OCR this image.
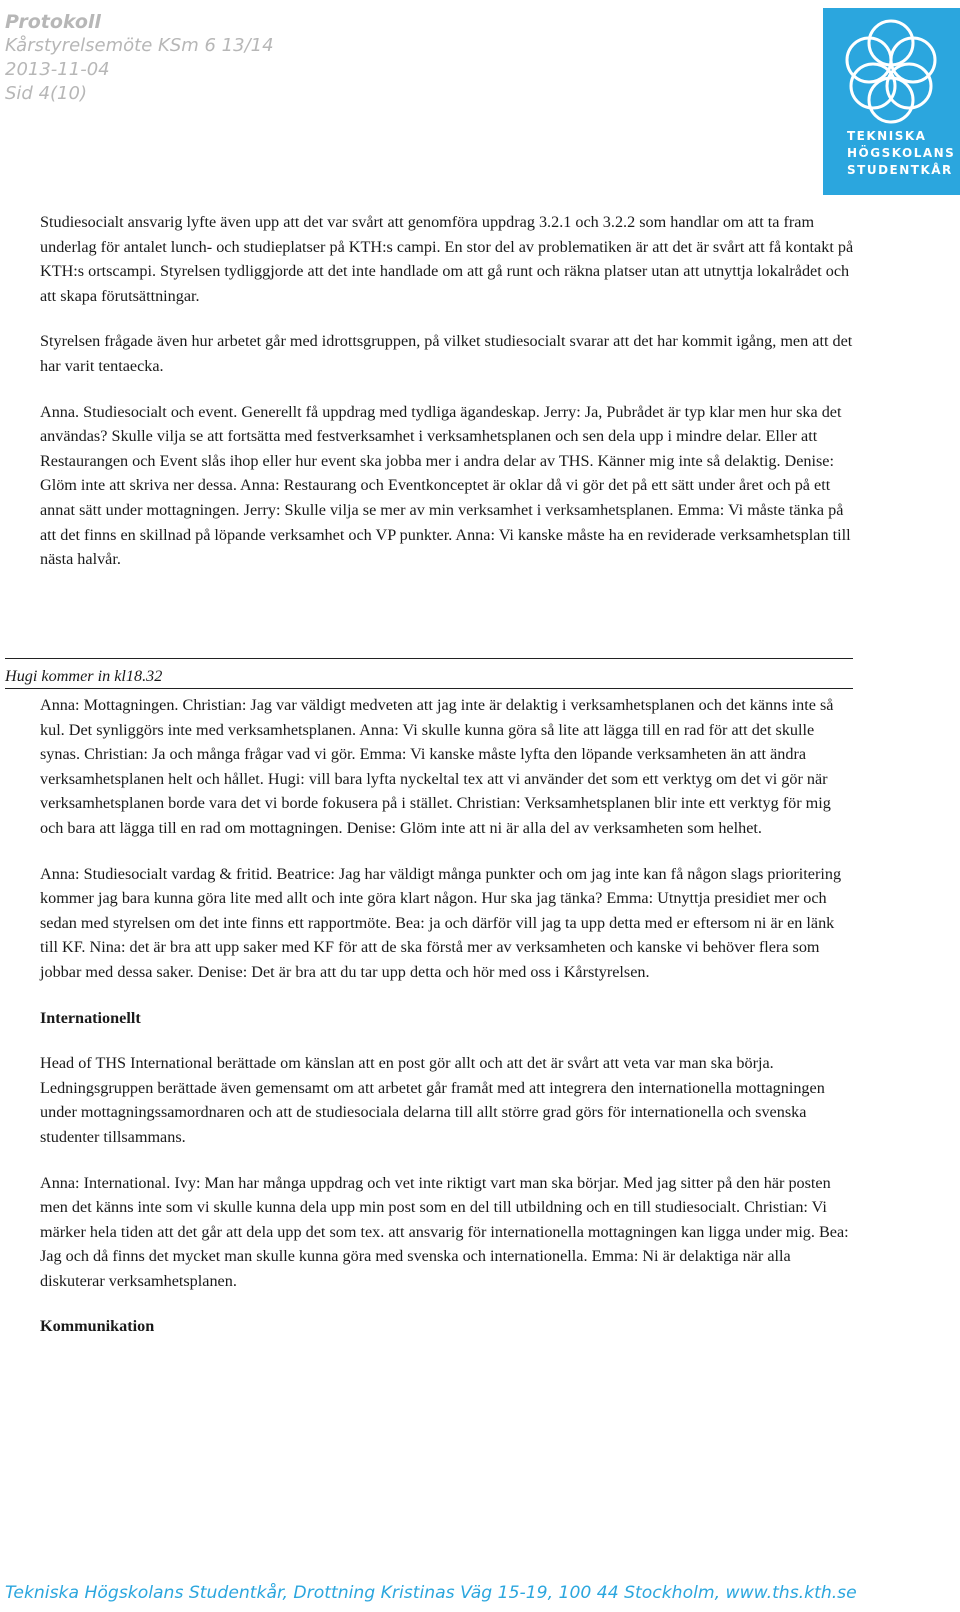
Protokoll
Kårstyrelsemöte KSm 6 13/14
2013-11-04
Sid 4(10)
TEKNISKA
HÖGSKOLANS
STUDENTKÅR

Studiesocialt ansvarig lyfte även upp att det var svårt att genomföra uppdrag 3.2.1 och 3.2.2 som handlar om att ta fram underlag för antalet lunch- och studieplatser på KTH:s campi. En stor del av problematiken är att det är svårt att få kontakt på KTH:s ortscampi. Styrelsen tydliggjorde att det inte handlade om att gå runt och räkna platser utan att utnyttja lokalrådet och att skapa förutsättningar.

Styrelsen frågade även hur arbetet går med idrottsgruppen, på vilket studiesocialt svarar att det har kommit igång, men att det har varit tentaecka.

Anna. Studiesocialt och event. Generellt få uppdrag med tydliga ägandeskap. Jerry: Ja, Pubrådet är typ klar men hur ska det användas? Skulle vilja se att fortsätta med festverksamhet i verksamhetsplanen och sen dela upp i mindre delar. Eller att Restaurangen och Event slås ihop eller hur event ska jobba mer i andra delar av THS. Känner mig inte så delaktig. Denise: Glöm inte att skriva ner dessa. Anna: Restaurang och Eventkonceptet är oklar då vi gör det på ett sätt under året och på ett annat sätt under mottagningen. Jerry: Skulle vilja se mer av min verksamhet i verksamhetsplanen. Emma: Vi måste tänka på att det finns en skillnad på löpande verksamhet och VP punkter. Anna: Vi kanske måste ha en reviderade verksamhetsplan till nästa halvår.

Hugi kommer in kl18.32

Anna: Mottagningen. Christian: Jag var väldigt medveten att jag inte är delaktig i verksamhetsplanen och det känns inte så kul. Det synliggörs inte med verksamhetsplanen. Anna: Vi skulle kunna göra så lite att lägga till en rad för att det skulle synas. Christian: Ja och många frågar vad vi gör. Emma: Vi kanske måste lyfta den löpande verksamheten än att ändra verksamhetsplanen helt och hållet. Hugi: vill bara lyfta nyckeltal tex att vi använder det som ett verktyg om det vi gör när verksamhetsplanen borde vara det vi borde fokusera på i stället. Christian: Verksamhetsplanen blir inte ett verktyg för mig och bara att lägga till en rad om mottagningen. Denise: Glöm inte att ni är alla del av verksamheten som helhet.

Anna: Studiesocialt vardag & fritid. Beatrice: Jag har väldigt många punkter och om jag inte kan få någon slags prioritering kommer jag bara kunna göra lite med allt och inte göra klart någon. Hur ska jag tänka? Emma: Utnyttja presidiet mer och sedan med styrelsen om det inte finns ett rapportmöte. Bea: ja och därför vill jag ta upp detta med er eftersom ni är en länk till KF. Nina: det är bra att upp saker med KF för att de ska förstå mer av verksamheten och kanske vi behöver flera som jobbar med dessa saker. Denise: Det är bra att du tar upp detta och hör med oss i Kårstyrelsen.

Internationellt

Head of THS International berättade om känslan att en post gör allt och att det är svårt att veta var man ska börja. Ledningsgruppen berättade även gemensamt om att arbetet går framåt med att integrera den internationella mottagningen under mottagningssamordnaren och att de studiesociala delarna till allt större grad görs för internationella och svenska studenter tillsammans.

Anna: International. Ivy: Man har många uppdrag och vet inte riktigt vart man ska börjar. Med jag sitter på den här posten men det känns inte som vi skulle kunna dela upp min post som en del till utbildning och en till studiesocialt. Christian: Vi märker hela tiden att det går att dela upp det som tex. att ansvarig för internationella mottagningen kan ligga under mig. Bea: Jag och då finns det mycket man skulle kunna göra med svenska och internationella. Emma: Ni är delaktiga när alla diskuterar verksamhetsplanen.

Kommunikation

Tekniska Högskolans Studentkår, Drottning Kristinas Väg 15-19, 100 44 Stockholm, www.ths.kth.se
